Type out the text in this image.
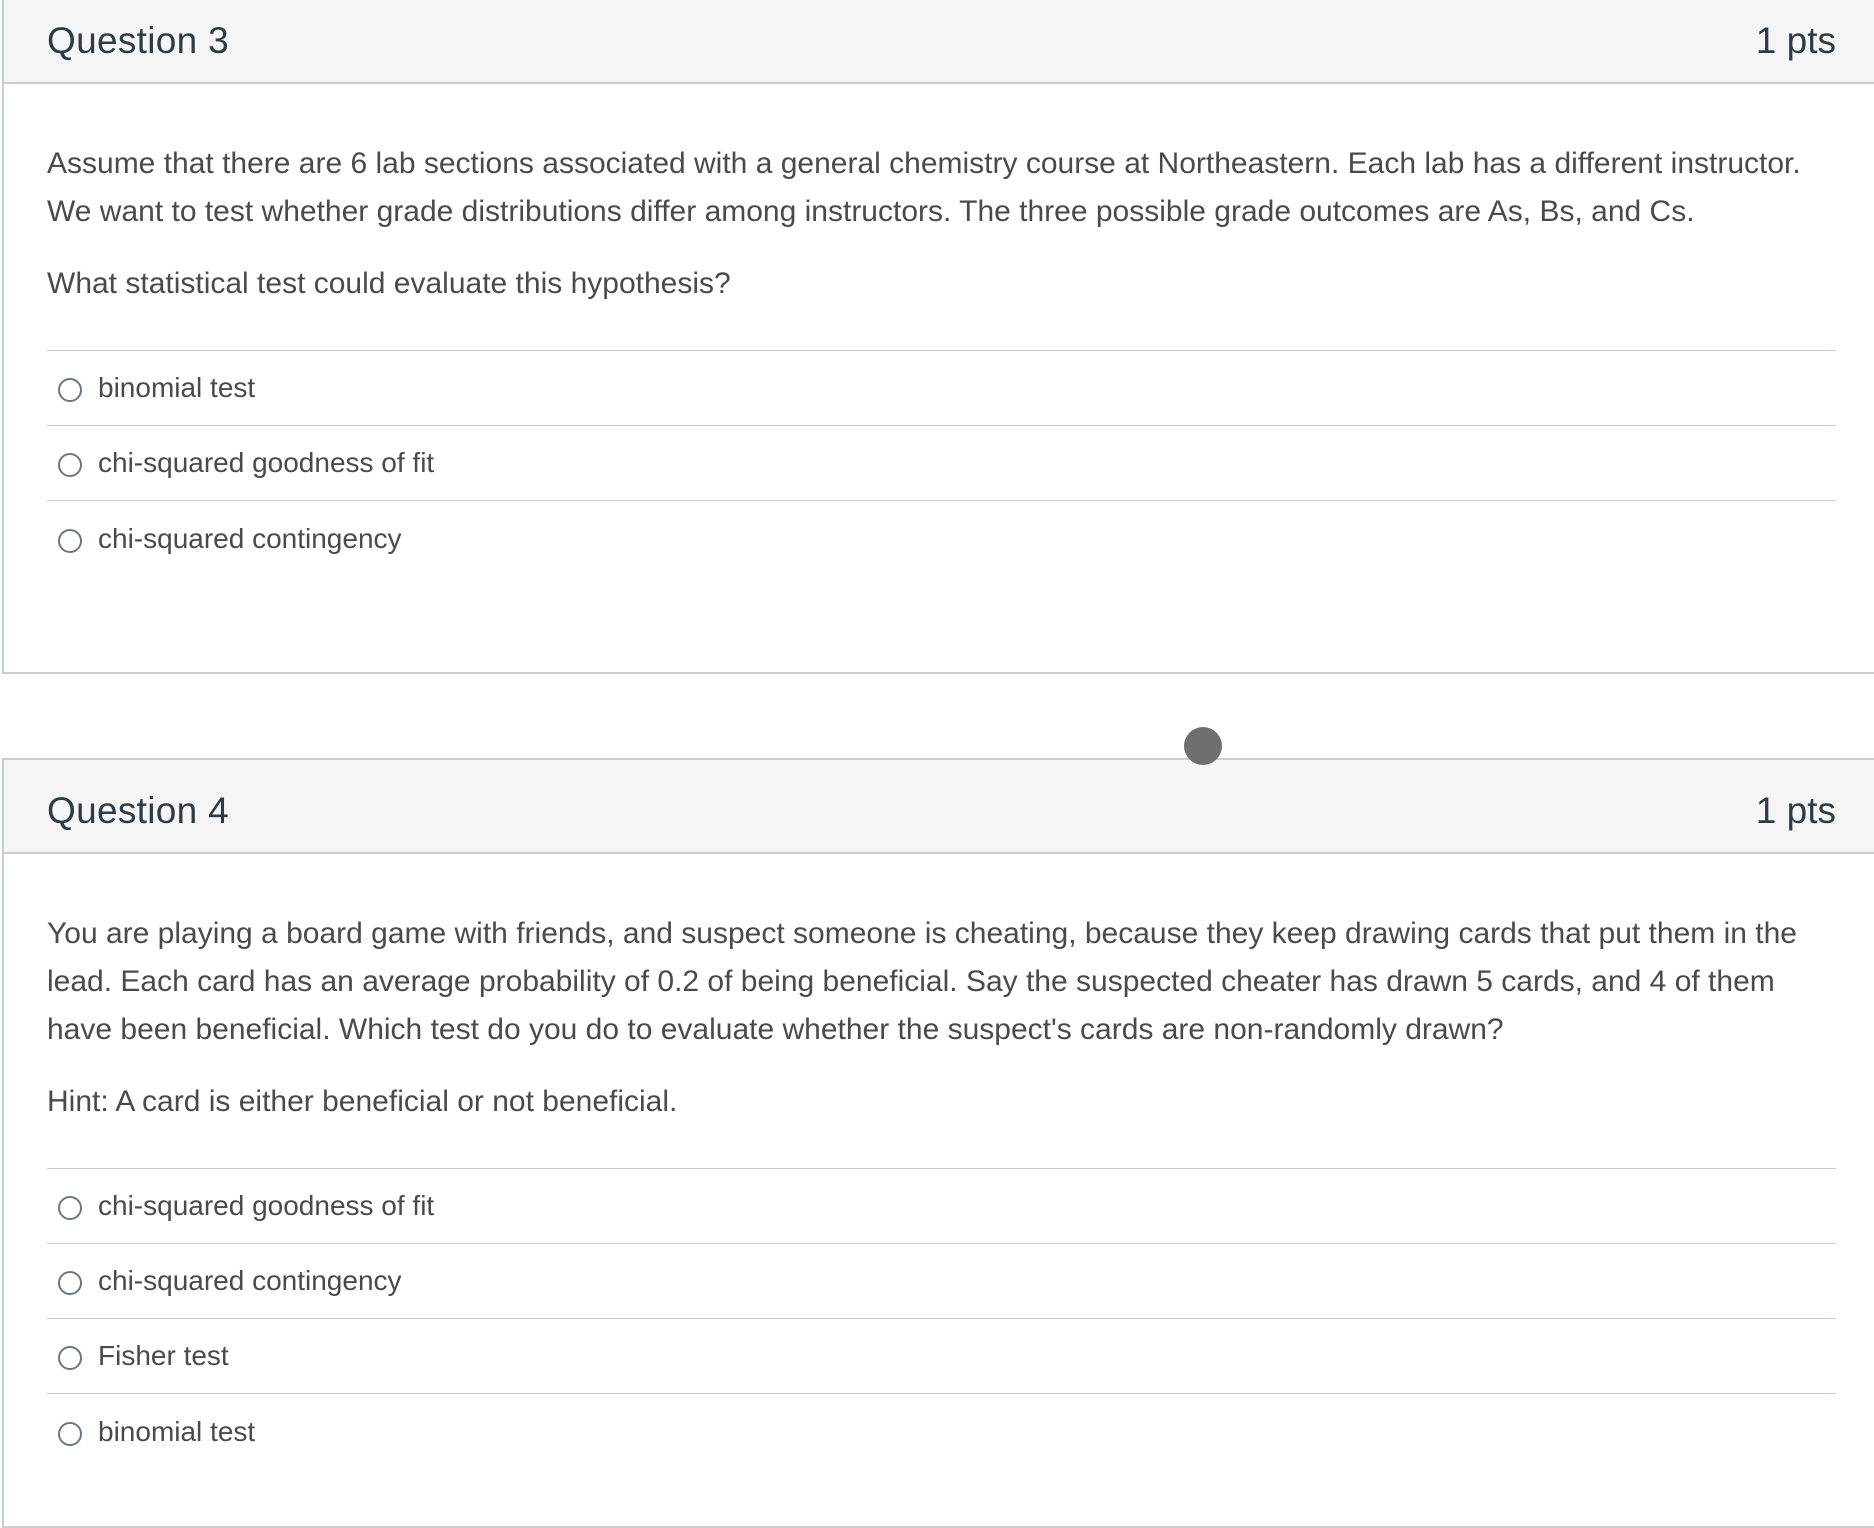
Question 3	1 pts

Assume that there are 6 lab sections associated with a general chemistry course at Northeastern. Each lab has a different instructor. We want to test whether grade distributions differ among instructors. The three possible grade outcomes are As, Bs, and Cs.

What statistical test could evaluate this hypothesis?

binomial test
chi-squared goodness of fit
chi-squared contingency
Question 4	1 pts

You are playing a board game with friends, and suspect someone is cheating, because they keep drawing cards that put them in the lead. Each card has an average probability of 0.2 of being beneficial. Say the suspected cheater has drawn 5 cards, and 4 of them have been beneficial. Which test do you do to evaluate whether the suspect's cards are non-randomly drawn?

Hint: A card is either beneficial or not beneficial.

chi-squared goodness of fit
chi-squared contingency
Fisher test
binomial test
